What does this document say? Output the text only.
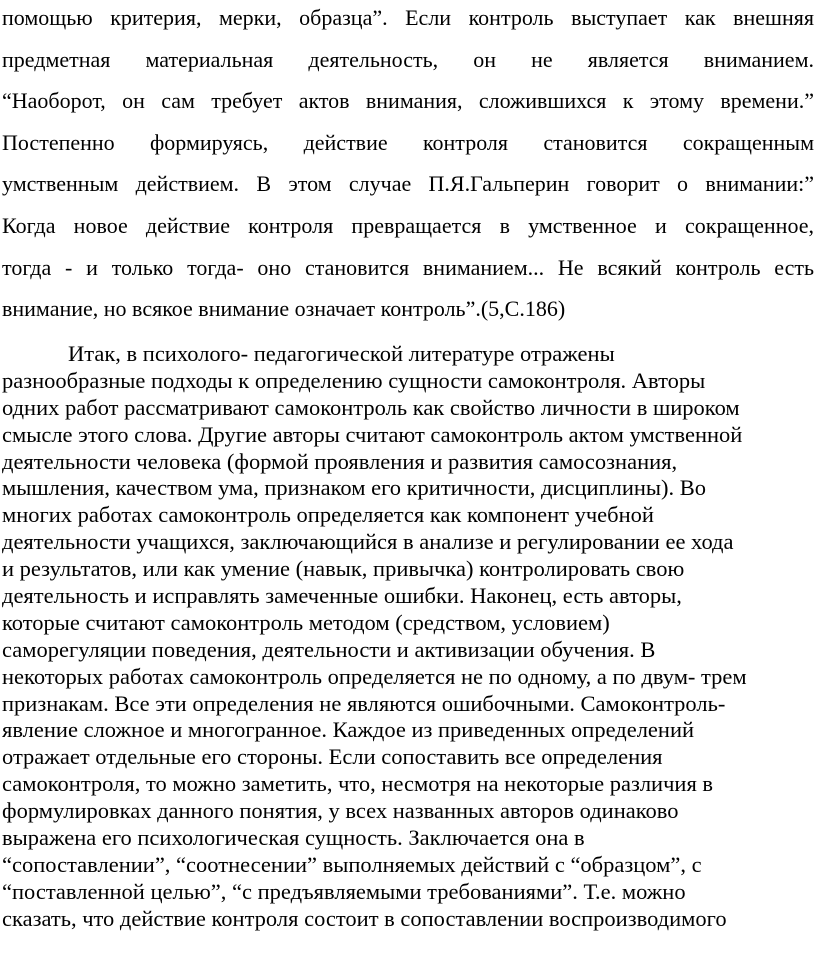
помощью критерия, мерки, образца”. Если контроль выступает как внешняя
предметная материальная деятельность, он не является вниманием.
“Наоборот, он сам требует актов внимания, сложившихся к этому времени.”
Постепенно формируясь, действие контроля становится сокращенным
умственным действием. В этом случае П.Я.Гальперин говорит о внимании:”
Когда новое действие контроля превращается в умственное и сокращенное,
тогда - и только тогда- оно становится вниманием... Не всякий контроль есть
внимание, но всякое внимание означает контроль”.(5,С.186)
Итак, в психолого- педагогической литературе отражены
разнообразные подходы к определению сущности самоконтроля. Авторы
одних работ рассматривают самоконтроль как свойство личности в широком
смысле этого слова. Другие авторы считают самоконтроль актом умственной
деятельности человека (формой проявления и развития самосознания,
мышления, качеством ума, признаком его критичности, дисциплины). Во
многих работах самоконтроль определяется как компонент учебной
деятельности учащихся, заключающийся в анализе и регулировании ее хода
и результатов, или как умение (навык, привычка) контролировать свою
деятельность и исправлять замеченные ошибки. Наконец, есть авторы,
которые считают самоконтроль методом (средством, условием)
саморегуляции поведения, деятельности и активизации обучения. В
некоторых работах самоконтроль определяется не по одному, а по двум- трем
признакам. Все эти определения не являются ошибочными. Самоконтроль-
явление сложное и многогранное. Каждое из приведенных определений
отражает отдельные его стороны. Если сопоставить все определения
самоконтроля, то можно заметить, что, несмотря на некоторые различия в
формулировках данного понятия, у всех названных авторов одинаково
выражена его психологическая сущность. Заключается она в
“сопоставлении”, “соотнесении” выполняемых действий с “образцом”, с
“поставленной целью”, “с предъявляемыми требованиями”. Т.е. можно
сказать, что действие контроля состоит в сопоставлении воспроизводимого
